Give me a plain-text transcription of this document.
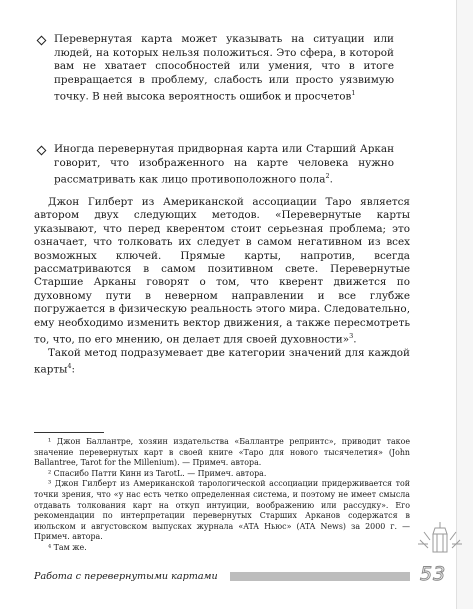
Перевернутая карта может указывать на ситуации или людей, на которых нельзя положиться. Это сфера, в которой вам не хватает способностей или умения, что в итоге превращается в проблему, слабость или просто уязвимую точку. В ней высока вероятность ошибок и просчетов$^1$
Иногда перевернутая придворная карта или Старший Аркан говорит, что изображенного на карте человека нужно рассматривать как лицо противоположного пола$^2$.

Джон Гилберт из Американской ассоциации Таро является автором двух следующих методов. «Перевернутые карты указывают, что перед кверентом стоит серьезная проблема; это означает, что толковать их следует в самом негативном из всех возможных ключей. Прямые карты, напротив, всегда рассматриваются в самом позитивном свете. Перевернутые Старшие Арканы говорят о том, что кверент движется по духовному пути в неверном направлении и все глубже погружается в физическую реальность этого мира. Следовательно, ему необходимо изменить вектор движения, а также пересмотреть то, что, по его мнению, он делает для своей духовности»$^3$.

Такой метод подразумевает две категории значений для каждой карты$^4$:

¹ Джон Баллантре, хозяин издательства «Баллантре репринтс», приводит такое значение перевернутых карт в своей книге «Таро для нового тысячелетия» (John Ballantree, Tarot for the Millenium). — Примеч. автора.

² Спасибо Патти Кинн из TarotL. — Примеч. автора.

³ Джон Гилберт из Американской тарологической ассоциации придерживается той точки зрения, что «у нас есть четко определенная система, и поэтому не имеет смысла отдавать толкования карт на откуп интуиции, воображению или рассудку». Его рекомендации по интерпретации перевернутых Старших Арканов содержатся в июльском и августовском выпусках журнала «ATA Ньюс» (ATA News) за 2000 г. — Примеч. автора.

⁴ Там же.

Работа с перевернутыми картами	53
